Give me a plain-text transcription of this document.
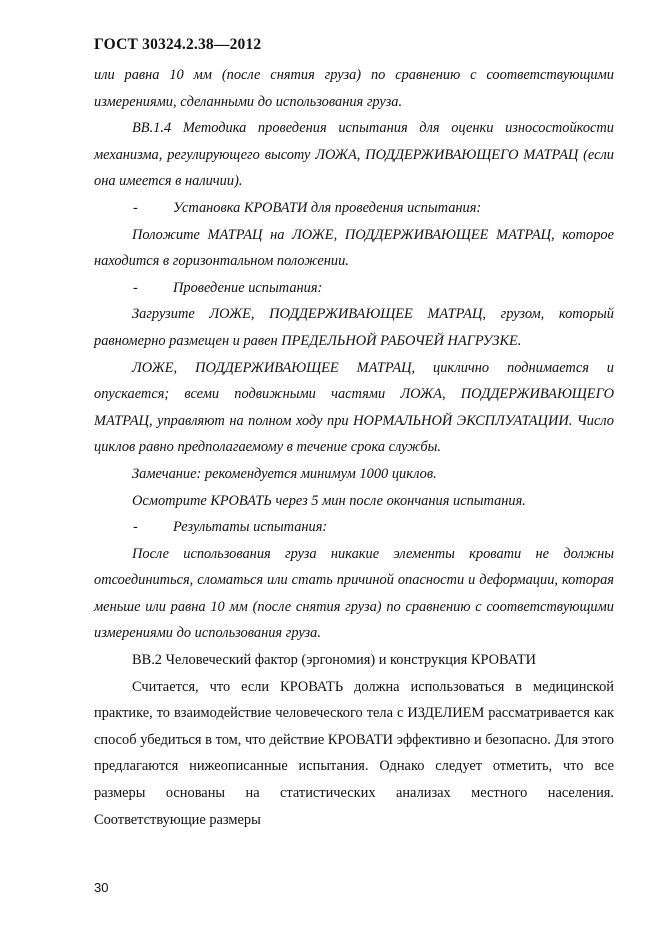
ГОСТ 30324.2.38—2012

или равна 10 мм (после снятия груза) по сравнению с соответствующими измерениями, сделанными до использования груза.

ВВ.1.4 Методика проведения испытания для оценки износостойкости механизма, регулирующего высоту ЛОЖА, ПОДДЕРЖИВАЮЩЕГО МАТРАЦ (если она имеется в наличии).

-	Установка КРОВАТИ для проведения испытания:

Положите МАТРАЦ на ЛОЖЕ, ПОДДЕРЖИВАЮЩЕЕ МАТРАЦ, которое находится в горизонтальном положении.

-	Проведение испытания:

Загрузите ЛОЖЕ, ПОДДЕРЖИВАЮЩЕЕ МАТРАЦ, грузом, который равномерно размещен и равен ПРЕДЕЛЬНОЙ РАБОЧЕЙ НАГРУЗКЕ.

ЛОЖЕ, ПОДДЕРЖИВАЮЩЕЕ МАТРАЦ, циклично поднимается и опускается; всеми подвижными частями ЛОЖА, ПОДДЕРЖИВАЮЩЕГО МАТРАЦ, управляют на полном ходу при НОРМАЛЬНОЙ ЭКСПЛУАТАЦИИ. Число циклов равно предполагаемому в течение срока службы.

Замечание: рекомендуется минимум 1000 циклов.

Осмотрите КРОВАТЬ через 5 мин после окончания испытания.

-	Результаты испытания:

После использования груза никакие элементы кровати не должны отсоединиться, сломаться или стать причиной опасности и деформации, которая меньше или равна 10 мм (после снятия груза) по сравнению с соответствующими измерениями до использования груза.

ВВ.2 Человеческий фактор (эргономия) и конструкция КРОВАТИ

Считается, что если КРОВАТЬ должна использоваться в медицинской практике, то взаимодействие человеческого тела с ИЗДЕЛИЕМ рассматривается как способ убедиться в том, что действие КРОВАТИ эффективно и безопасно. Для этого предлагаются нижеописанные испытания. Однако следует отметить, что все размеры основаны на статистических анализах местного населения. Соответствующие размеры

30
